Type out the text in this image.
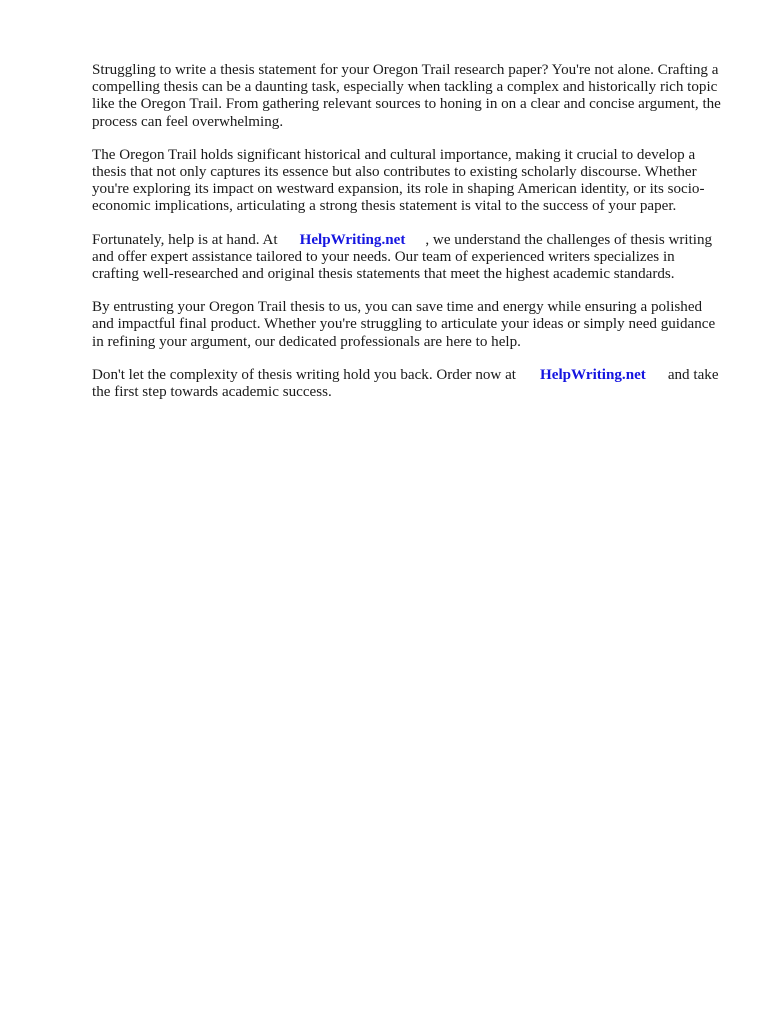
Struggling to write a thesis statement for your Oregon Trail research paper? You're not alone. Crafting a compelling thesis can be a daunting task, especially when tackling a complex and historically rich topic like the Oregon Trail. From gathering relevant sources to honing in on a clear and concise argument, the process can feel overwhelming.

The Oregon Trail holds significant historical and cultural importance, making it crucial to develop a thesis that not only captures its essence but also contributes to existing scholarly discourse. Whether you're exploring its impact on westward expansion, its role in shaping American identity, or its socio-economic implications, articulating a strong thesis statement is vital to the success of your paper.

Fortunately, help is at hand. At HelpWriting.net , we understand the challenges of thesis writing and offer expert assistance tailored to your needs. Our team of experienced writers specializes in crafting well-researched and original thesis statements that meet the highest academic standards.

By entrusting your Oregon Trail thesis to us, you can save time and energy while ensuring a polished and impactful final product. Whether you're struggling to articulate your ideas or simply need guidance in refining your argument, our dedicated professionals are here to help.

Don't let the complexity of thesis writing hold you back. Order now at HelpWriting.net and take the first step towards academic success.
